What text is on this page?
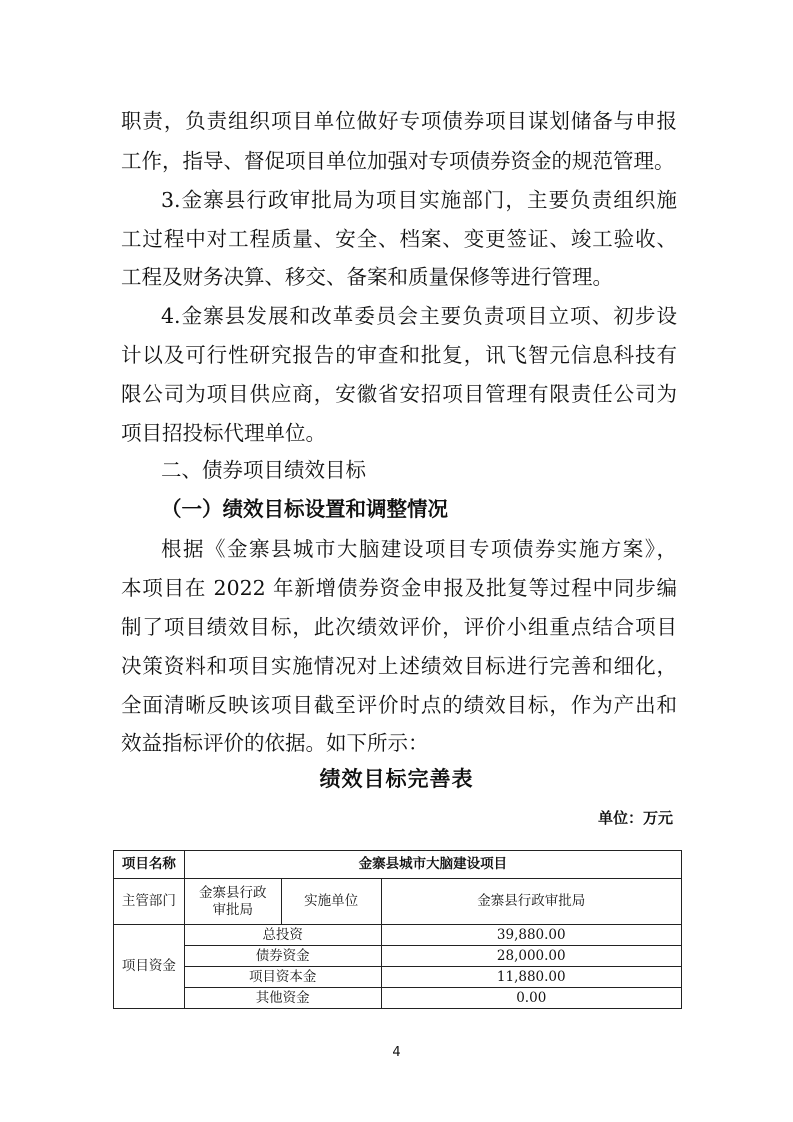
职责，负责组织项目单位做好专项债券项目谋划储备与申报
工作，指导、督促项目单位加强对专项债券资金的规范管理。
3.金寨县行政审批局为项目实施部门，主要负责组织施
工过程中对工程质量、安全、档案、变更签证、竣工验收、
工程及财务决算、移交、备案和质量保修等进行管理。
4.金寨县发展和改革委员会主要负责项目立项、初步设
计以及可行性研究报告的审查和批复，讯飞智元信息科技有
限公司为项目供应商，安徽省安招项目管理有限责任公司为
项目招投标代理单位。
二、债券项目绩效目标
（一）绩效目标设置和调整情况
根据《金寨县城市大脑建设项目专项债券实施方案》，
本项目在 2022 年新增债券资金申报及批复等过程中同步编
制了项目绩效目标，此次绩效评价，评价小组重点结合项目
决策资料和项目实施情况对上述绩效目标进行完善和细化，
全面清晰反映该项目截至评价时点的绩效目标，作为产出和
效益指标评价的依据。如下所示：
绩效目标完善表
单位：万元
项目名称	金寨县城市大脑建设项目		
主管部门	金寨县行政审批局	实施单位	金寨县行政审批局
项目资金	总投资		39,880.00
	债券资金		28,000.00
	项目资本金		11,880.00
	其他资金		0.00
4
